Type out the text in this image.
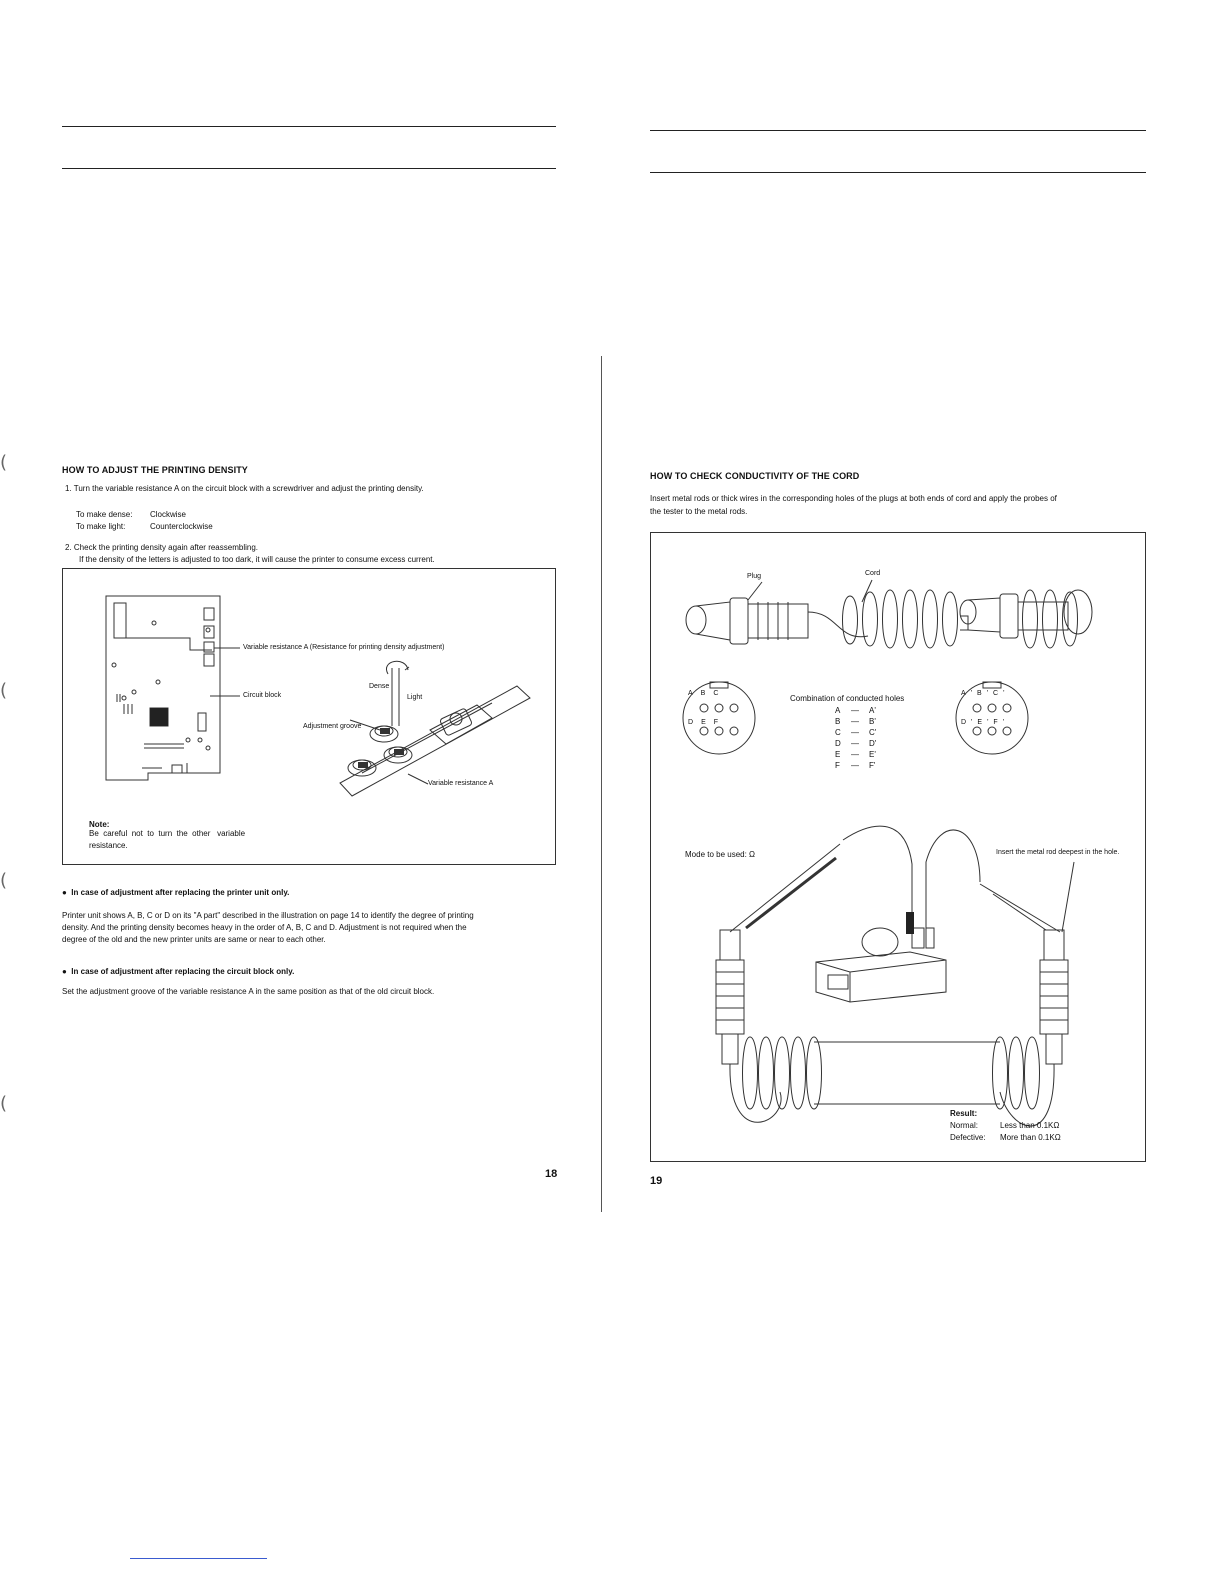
(
(
(
(
HOW TO ADJUST THE PRINTING DENSITY
1. Turn the variable resistance A on the circuit block with a screwdriver and adjust the printing density.
To make dense: Clockwise
To make light:	Counterclockwise
2. Check the printing density again after reassembling.
If the density of the letters is adjusted to too dark, it will cause the printer to consume excess current.
Variable resistance A (Resistance for printing density adjustment)
Circuit block
Dense
Light
Adjustment groove
Variable resistance A
Note:
Be  careful  not  to  turn  the  other   variable
resistance.
●  In case of adjustment after replacing the printer unit only.
Printer unit shows A, B, C or D on its "A part" described in the illustration on page 14 to identify the degree of printing
density. And the printing density becomes heavy in the order of A, B, C and D. Adjustment is not required when the
degree of the old and the new printer units are same or near to each other.
●  In case of adjustment after replacing the circuit block only.
Set the adjustment groove of the variable resistance A in the same position as that of the old circuit block.
18
HOW TO CHECK CONDUCTIVITY OF THE CORD
Insert metal rods or thick wires in the corresponding holes of the plugs at both ends of cord and apply the probes of
the tester to the metal rods.
Plug	Cord
ABC
DEF
A'B'C'
D'E'F'
Combination of conducted holes
A — A'
B — B'
C — C'
D — D'
E — E'
F — F'
Mode to be used: Ω	Insert the metal rod deepest in the hole.
Result:
Normal:	Less than 0.1KΩ
Defective: More than 0.1KΩ
19
